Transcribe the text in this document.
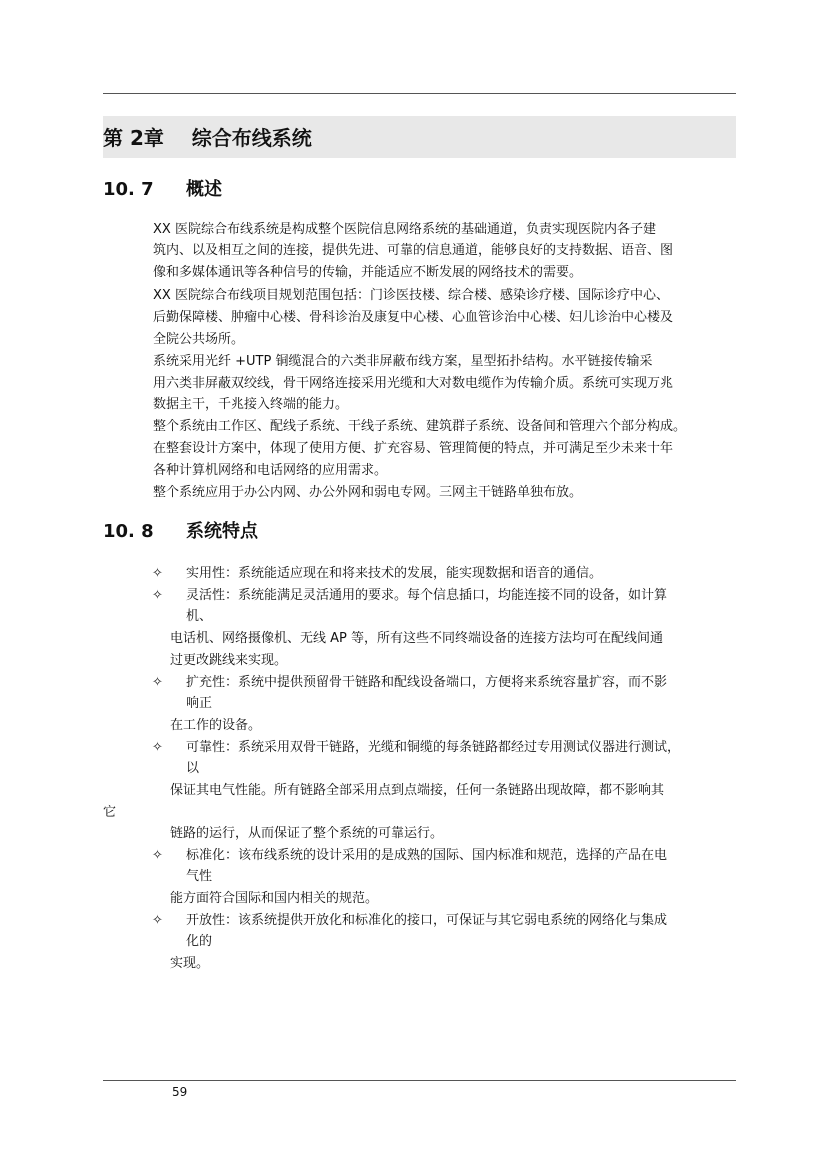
第 2章    综合布线系统
10. 7 概述
XX 医院综合布线系统是构成整个医院信息网络系统的基础通道，负责实现医院内各子建
筑内、以及相互之间的连接，提供先进、可靠的信息通道，能够良好的支持数据、语音、图
像和多媒体通讯等各种信号的传输，并能适应不断发展的网络技术的需要。
XX 医院综合布线项目规划范围包括：门诊医技楼、综合楼、感染诊疗楼、国际诊疗中心、
后勤保障楼、肿瘤中心楼、骨科诊治及康复中心楼、心血管诊治中心楼、妇儿诊治中心楼及
全院公共场所。
系统采用光纤 +UTP 铜缆混合的六类非屏蔽布线方案，星型拓扑结构。水平链接传输采
用六类非屏蔽双绞线，骨干网络连接采用光缆和大对数电缆作为传输介质。系统可实现万兆
数据主干，千兆接入终端的能力。
整个系统由工作区、配线子系统、干线子系统、建筑群子系统、设备间和管理六个部分构成。
在整套设计方案中，体现了使用方便、扩充容易、管理简便的特点，并可满足至少未来十年
各种计算机网络和电话网络的应用需求。
整个系统应用于办公内网、办公外网和弱电专网。三网主干链路单独布放。
10. 8 系统特点
✧ 实用性：系统能适应现在和将来技术的发展，能实现数据和语音的通信。
✧ 灵活性：系统能满足灵活通用的要求。每个信息插口，均能连接不同的设备，如计算
机、
电话机、网络摄像机、无线 AP 等，所有这些不同终端设备的连接方法均可在配线间通
过更改跳线来实现。
✧ 扩充性：系统中提供预留骨干链路和配线设备端口，方便将来系统容量扩容，而不影
响正
在工作的设备。
✧ 可靠性：系统采用双骨干链路，光缆和铜缆的每条链路都经过专用测试仪器进行测试，
以
保证其电气性能。所有链路全部采用点到点端接，任何一条链路出现故障，都不影响其
它
链路的运行，从而保证了整个系统的可靠运行。
✧ 标准化：该布线系统的设计采用的是成熟的国际、国内标准和规范，选择的产品在电
气性
能方面符合国际和国内相关的规范。
✧ 开放性：该系统提供开放化和标准化的接口，可保证与其它弱电系统的网络化与集成
化的
实现。
59
